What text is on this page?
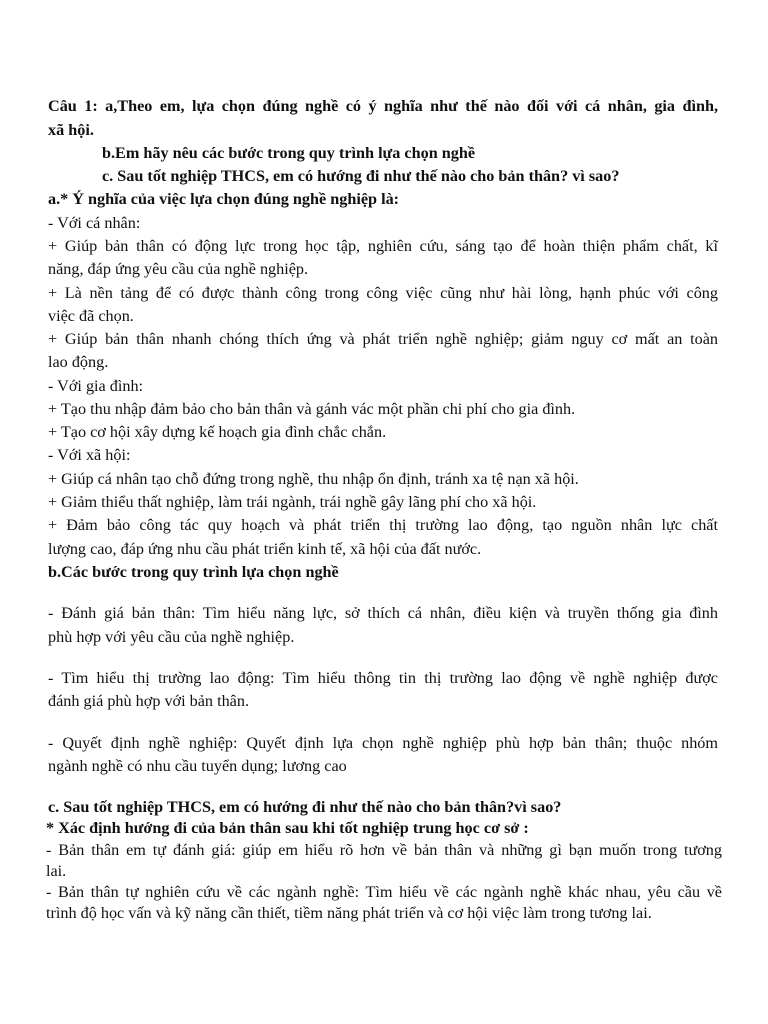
Câu 1: a,Theo em, lựa chọn đúng nghề có ý nghĩa như thế nào đối với cá nhân, gia đình,

xã hội.

b.Em hãy nêu các bước trong quy trình lựa chọn nghề

c. Sau tốt nghiệp THCS, em có hướng đi như thế nào cho bản thân? vì sao?

a.* Ý nghĩa của việc lựa chọn đúng nghề nghiệp là:

- Với cá nhân:

+ Giúp bản thân có động lực trong học tập, nghiên cứu, sáng tạo để hoàn thiện phẩm chất, kĩ

năng, đáp ứng yêu cầu của nghề nghiệp.

+ Là nền tảng để có được thành công trong công việc cũng như hài lòng, hạnh phúc với công

việc đã chọn.

+ Giúp bản thân nhanh chóng thích ứng và phát triển nghề nghiệp; giảm nguy cơ mất an toàn

lao động.

- Với gia đình:

+ Tạo thu nhập đảm bảo cho bản thân và gánh vác một phần chi phí cho gia đình.

+ Tạo cơ hội xây dựng kế hoạch gia đình chắc chắn.

- Với xã hội:

+ Giúp cá nhân tạo chỗ đứng trong nghề, thu nhập ổn định, tránh xa tệ nạn xã hội.

+ Giảm thiểu thất nghiệp, làm trái ngành, trái nghề gây lãng phí cho xã hội.

+ Đảm bảo công tác quy hoạch và phát triển thị trường lao động, tạo nguồn nhân lực chất

lượng cao, đáp ứng nhu cầu phát triển kinh tế, xã hội của đất nước.

b.Các bước trong quy trình lựa chọn nghề

- Đánh giá bản thân: Tìm hiểu năng lực, sở thích cá nhân, điều kiện và truyền thống gia đình

phù hợp với yêu cầu của nghề nghiệp.

- Tìm hiểu thị trường lao động: Tìm hiểu thông tin thị trường lao động về nghề nghiệp được

đánh giá phù hợp với bản thân.

- Quyết định nghề nghiệp: Quyết định lựa chọn nghề nghiệp phù hợp bản thân; thuộc nhóm

ngành nghề có nhu cầu tuyển dụng; lương cao

c. Sau tốt nghiệp THCS, em có hướng đi như thế nào cho bản thân?vì sao?

* Xác định hướng đi của bản thân sau khi tốt nghiệp trung học cơ sở :

- Bản thân em tự đánh giá: giúp em hiểu rõ hơn về bản thân và những gì bạn muốn trong tương

lai.

- Bản thân tự nghiên cứu về các ngành nghề: Tìm hiểu về các ngành nghề khác nhau, yêu cầu về

trình độ học vấn và kỹ năng cần thiết, tiềm năng phát triển và cơ hội việc làm trong tương lai.
